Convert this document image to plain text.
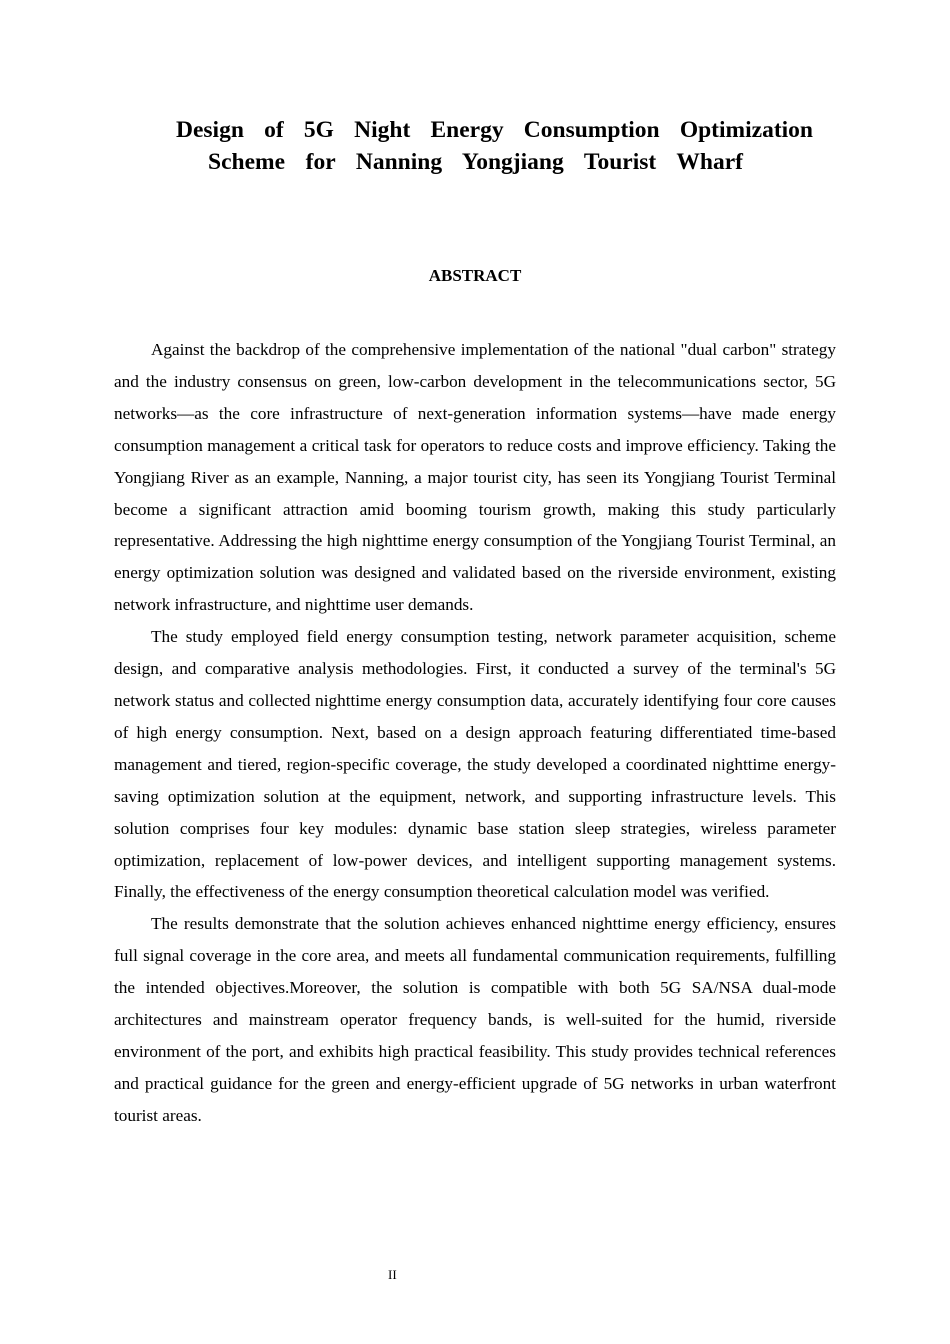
Design of 5G Night Energy Consumption Optimization
Scheme for Nanning Yongjiang Tourist Wharf
ABSTRACT

Against the backdrop of the comprehensive implementation of the national "dual carbon" strategy and the industry consensus on green, low-carbon development in the telecommunications sector, 5G networks—as the core infrastructure of next-generation information systems—have made energy consumption management a critical task for operators to reduce costs and improve efficiency. Taking the Yongjiang River as an example, Nanning, a major tourist city, has seen its Yongjiang Tourist Terminal become a significant attraction amid booming tourism growth, making this study particularly representative. Addressing the high nighttime energy consumption of the Yongjiang Tourist Terminal, an energy optimization solution was designed and validated based on the riverside environment, existing network infrastructure, and nighttime user demands.

The study employed field energy consumption testing, network parameter acquisition, scheme design, and comparative analysis methodologies. First, it conducted a survey of the terminal's 5G network status and collected nighttime energy consumption data, accurately identifying four core causes of high energy consumption. Next, based on a design approach featuring differentiated time-based management and tiered, region-specific coverage, the study developed a coordinated nighttime energy-saving optimization solution at the equipment, network, and supporting infrastructure levels. This solution comprises four key modules: dynamic base station sleep strategies, wireless parameter optimization, replacement of low-power devices, and intelligent supporting management systems. Finally, the effectiveness of the energy consumption theoretical calculation model was verified.

The results demonstrate that the solution achieves enhanced nighttime energy efficiency, ensures full signal coverage in the core area, and meets all fundamental communication requirements, fulfilling the intended objectives.Moreover, the solution is compatible with both 5G SA/NSA dual-mode architectures and mainstream operator frequency bands, is well-suited for the humid, riverside environment of the port, and exhibits high practical feasibility. This study provides technical references and practical guidance for the green and energy-efficient upgrade of 5G networks in urban waterfront tourist areas.

II
